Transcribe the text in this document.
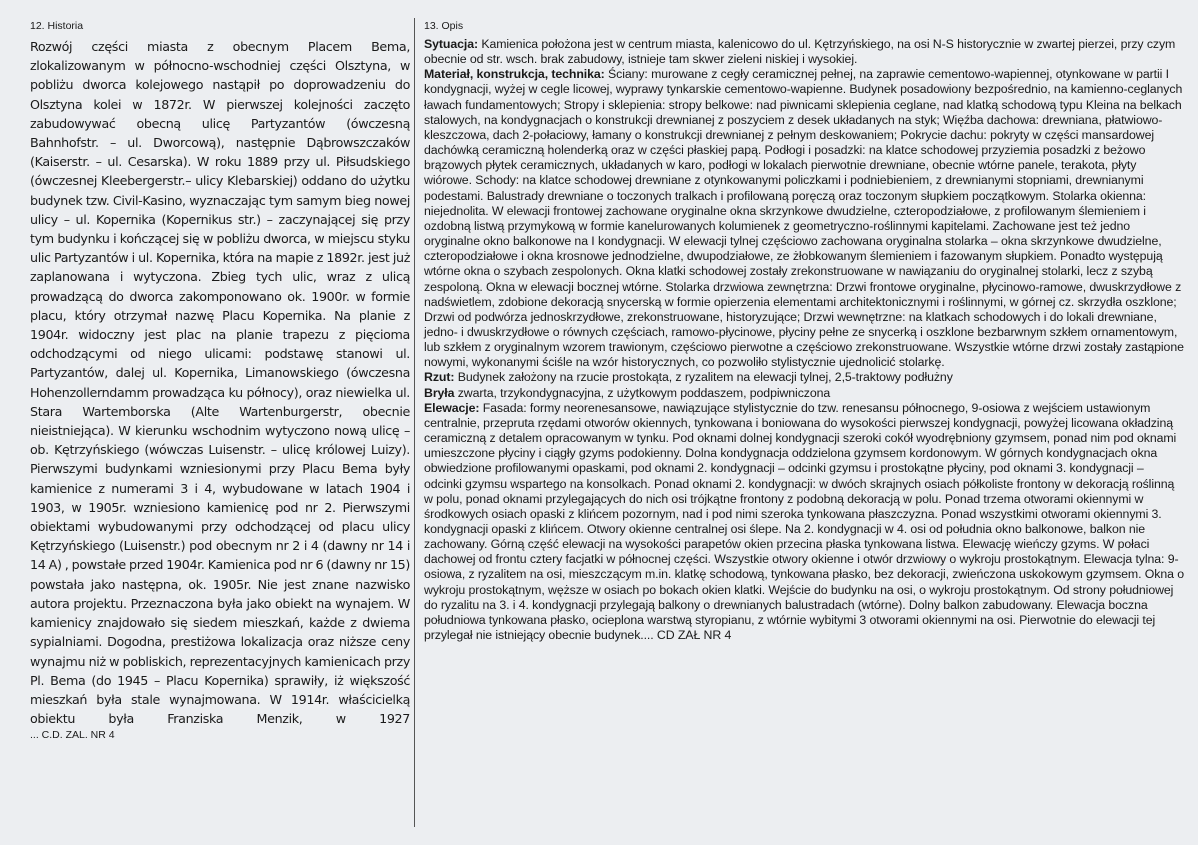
12. Historia

Rozwój części miasta z obecnym Placem Bema, zlokalizowanym w północno-wschodniej części Olsztyna, w pobliżu dworca kolejowego nastąpił po doprowadzeniu do Olsztyna kolei w 1872r. W pierwszej kolejności zaczęto zabudowywać obecną ulicę Partyzantów (ówczesną Bahnhofstr. – ul. Dworcową), następnie Dąbrowszczaków (Kaiserstr. – ul. Cesarska). W roku 1889 przy ul. Piłsudskiego (ówczesnej Kleebergerstr.– ulicy Klebarskiej) oddano do użytku budynek tzw. Civil-Kasino, wyznaczając tym samym bieg nowej ulicy – ul. Kopernika (Kopernikus str.) – zaczynającej się przy tym budynku i kończącej się w pobliżu dworca, w miejscu styku ulic Partyzantów i ul. Kopernika, która na mapie z 1892r. jest już zaplanowana i wytyczona. Zbieg tych ulic, wraz z ulicą prowadzącą do dworca zakomponowano ok. 1900r. w formie placu, który otrzymał nazwę Placu Kopernika. Na planie z 1904r. widoczny jest plac na planie trapezu z pięcioma odchodzącymi od niego ulicami: podstawę stanowi ul. Partyzantów, dalej ul. Kopernika, Limanowskiego (ówczesna Hohenzollerndamm prowadząca ku północy), oraz niewielka ul. Stara Wartemborska (Alte Wartenburgerstr, obecnie nieistniejąca). W kierunku wschodnim wytyczono nową ulicę – ob. Kętrzyńskiego (wówczas Luisenstr. – ulicę królowej Luizy). Pierwszymi budynkami wzniesionymi przy Placu Bema były kamienice z numerami 3 i 4, wybudowane w latach 1904 i 1903, w 1905r. wzniesiono kamienicę pod nr 2. Pierwszymi obiektami wybudowanymi przy odchodzącej od placu ulicy Kętrzyńskiego (Luisenstr.) pod obecnym nr 2 i 4 (dawny nr 14 i 14 A) , powstałe przed 1904r. Kamienica pod nr 6 (dawny nr 15) powstała jako następna, ok. 1905r. Nie jest znane nazwisko autora projektu. Przeznaczona była jako obiekt na wynajem. W kamienicy znajdowało się siedem mieszkań, każde z dwiema sypialniami. Dogodna, prestiżowa lokalizacja oraz niższe ceny wynajmu niż w pobliskich, reprezentacyjnych kamienicach przy Pl. Bema (do 1945 – Placu Kopernika) sprawiły, iż większość mieszkań była stale wynajmowana. W 1914r. właścicielką obiektu była Franziska Menzik, w 1927

... C.D. ZAL. NR 4
13. Opis

Sytuacja: Kamienica położona jest w centrum miasta, kalenicowo do ul. Kętrzyńskiego, na osi N-S historycznie w zwartej pierzei, przy czym obecnie od str. wsch. brak zabudowy, istnieje tam skwer zieleni niskiej i wysokiej.

Materiał, konstrukcja, technika: Ściany: murowane z cegły ceramicznej pełnej, na zaprawie cementowo-wapiennej, otynkowane w partii I kondygnacji, wyżej w cegle licowej, wyprawy tynkarskie cementowo-wapienne. Budynek posadowiony bezpośrednio, na kamienno-ceglanych ławach fundamentowych; Stropy i sklepienia: stropy belkowe: nad piwnicami sklepienia ceglane, nad klatką schodową typu Kleina na belkach stalowych, na kondygnacjach o konstrukcji drewnianej z poszyciem z desek układanych na styk; Więźba dachowa: drewniana, płatwiowo-kleszczowa, dach 2-połaciowy, łamany o konstrukcji drewnianej z pełnym deskowaniem; Pokrycie dachu: pokryty w części mansardowej dachówką ceramiczną holenderką oraz w części płaskiej papą. Podłogi i posadzki: na klatce schodowej przyziemia posadzki z beżowo brązowych płytek ceramicznych, układanych w karo, podłogi w lokalach pierwotnie drewniane, obecnie wtórne panele, terakota, płyty wiórowe. Schody: na klatce schodowej drewniane z otynkowanymi policzkami i podniebieniem, z drewnianymi stopniami, drewnianymi podestami. Balustrady drewniane o toczonych tralkach i profilowaną poręczą oraz toczonym słupkiem początkowym. Stolarka okienna: niejednolita. W elewacji frontowej zachowane oryginalne okna skrzynkowe dwudzielne, czteropodziałowe, z profilowanym ślemieniem i ozdobną listwą przymykową w formie kanelurowanych kolumienek z geometryczno-roślinnymi kapitelami. Zachowane jest też jedno oryginalne okno balkonowe na I kondygnacji. W elewacji tylnej częściowo zachowana oryginalna stolarka – okna skrzynkowe dwudzielne, czteropodziałowe i okna krosnowe jednodzielne, dwupodziałowe, ze żłobkowanym ślemieniem i fazowanym słupkiem. Ponadto występują wtórne okna o szybach zespolonych. Okna klatki schodowej zostały zrekonstruowane w nawiązaniu do oryginalnej stolarki, lecz z szybą zespoloną. Okna w elewacji bocznej wtórne. Stolarka drzwiowa zewnętrzna: Drzwi frontowe oryginalne, płycinowo-ramowe, dwuskrzydłowe z nadświetlem, zdobione dekoracją snycerską w formie opierzenia elementami architektonicznymi i roślinnymi, w górnej cz. skrzydła oszklone; Drzwi od podwórza jednoskrzydłowe, zrekonstruowane, historyzujące; Drzwi wewnętrzne: na klatkach schodowych i do lokali drewniane, jedno- i dwuskrzydłowe o równych częściach, ramowo-płycinowe, płyciny pełne ze snycerką i oszklone bezbarwnym szkłem ornamentowym, lub szkłem z oryginalnym wzorem trawionym, częściowo pierwotne a częściowo zrekonstruowane. Wszystkie wtórne drzwi zostały zastąpione nowymi, wykonanymi ściśle na wzór historycznych, co pozwoliło stylistycznie ujednolicić stolarkę.

Rzut: Budynek założony na rzucie prostokąta, z ryzalitem na elewacji tylnej, 2,5-traktowy podłużny

Bryła zwarta, trzykondygnacyjna, z użytkowym poddaszem, podpiwniczona

Elewacje: Fasada: formy neorenesansowe, nawiązujące stylistycznie do tzw. renesansu północnego, 9-osiowa z wejściem ustawionym centralnie, przepruta rzędami otworów okiennych, tynkowana i boniowana do wysokości pierwszej kondygnacji, powyżej licowana okładziną ceramiczną z detalem opracowanym w tynku. Pod oknami dolnej kondygnacji szeroki cokół wyodrębniony gzymsem, ponad nim pod oknami umieszczone płyciny i ciągły gzyms podokienny. Dolna kondygnacja oddzielona gzymsem kordonowym. W górnych kondygnacjach okna obwiedzione profilowanymi opaskami, pod oknami 2. kondygnacji – odcinki gzymsu i prostokątne płyciny, pod oknami 3. kondygnacji – odcinki gzymsu wspartego na konsolkach. Ponad oknami 2. kondygnacji: w dwóch skrajnych osiach półkoliste frontony w dekoracją roślinną w polu, ponad oknami przylegających do nich osi trójkątne frontony z podobną dekoracją w polu. Ponad trzema otworami okiennymi w środkowych osiach opaski z klińcem pozornym, nad i pod nimi szeroka tynkowana płaszczyzna. Ponad wszystkimi otworami okiennymi 3. kondygnacji opaski z klińcem. Otwory okienne centralnej osi ślepe. Na 2. kondygnacji w 4. osi od południa okno balkonowe, balkon nie zachowany. Górną część elewacji na wysokości parapetów okien przecina płaska tynkowana listwa. Elewację wieńczy gzyms. W połaci dachowej od frontu cztery facjatki w północnej części. Wszystkie otwory okienne i otwór drzwiowy o wykroju prostokątnym. Elewacja tylna: 9-osiowa, z ryzalitem na osi, mieszczącym m.in. klatkę schodową, tynkowana płasko, bez dekoracji, zwieńczona uskokowym gzymsem. Okna o wykroju prostokątnym, węższe w osiach po bokach okien klatki. Wejście do budynku na osi, o wykroju prostokątnym. Od strony południowej do ryzalitu na 3. i 4. kondygnacji przylegają balkony o drewnianych balustradach (wtórne). Dolny balkon zabudowany. Elewacja boczna południowa tynkowana płasko, ocieplona warstwą styropianu, z wtórnie wybitymi 3 otworami okiennymi na osi. Pierwotnie do elewacji tej przylegał nie istniejący obecnie budynek.... CD ZAŁ NR 4
